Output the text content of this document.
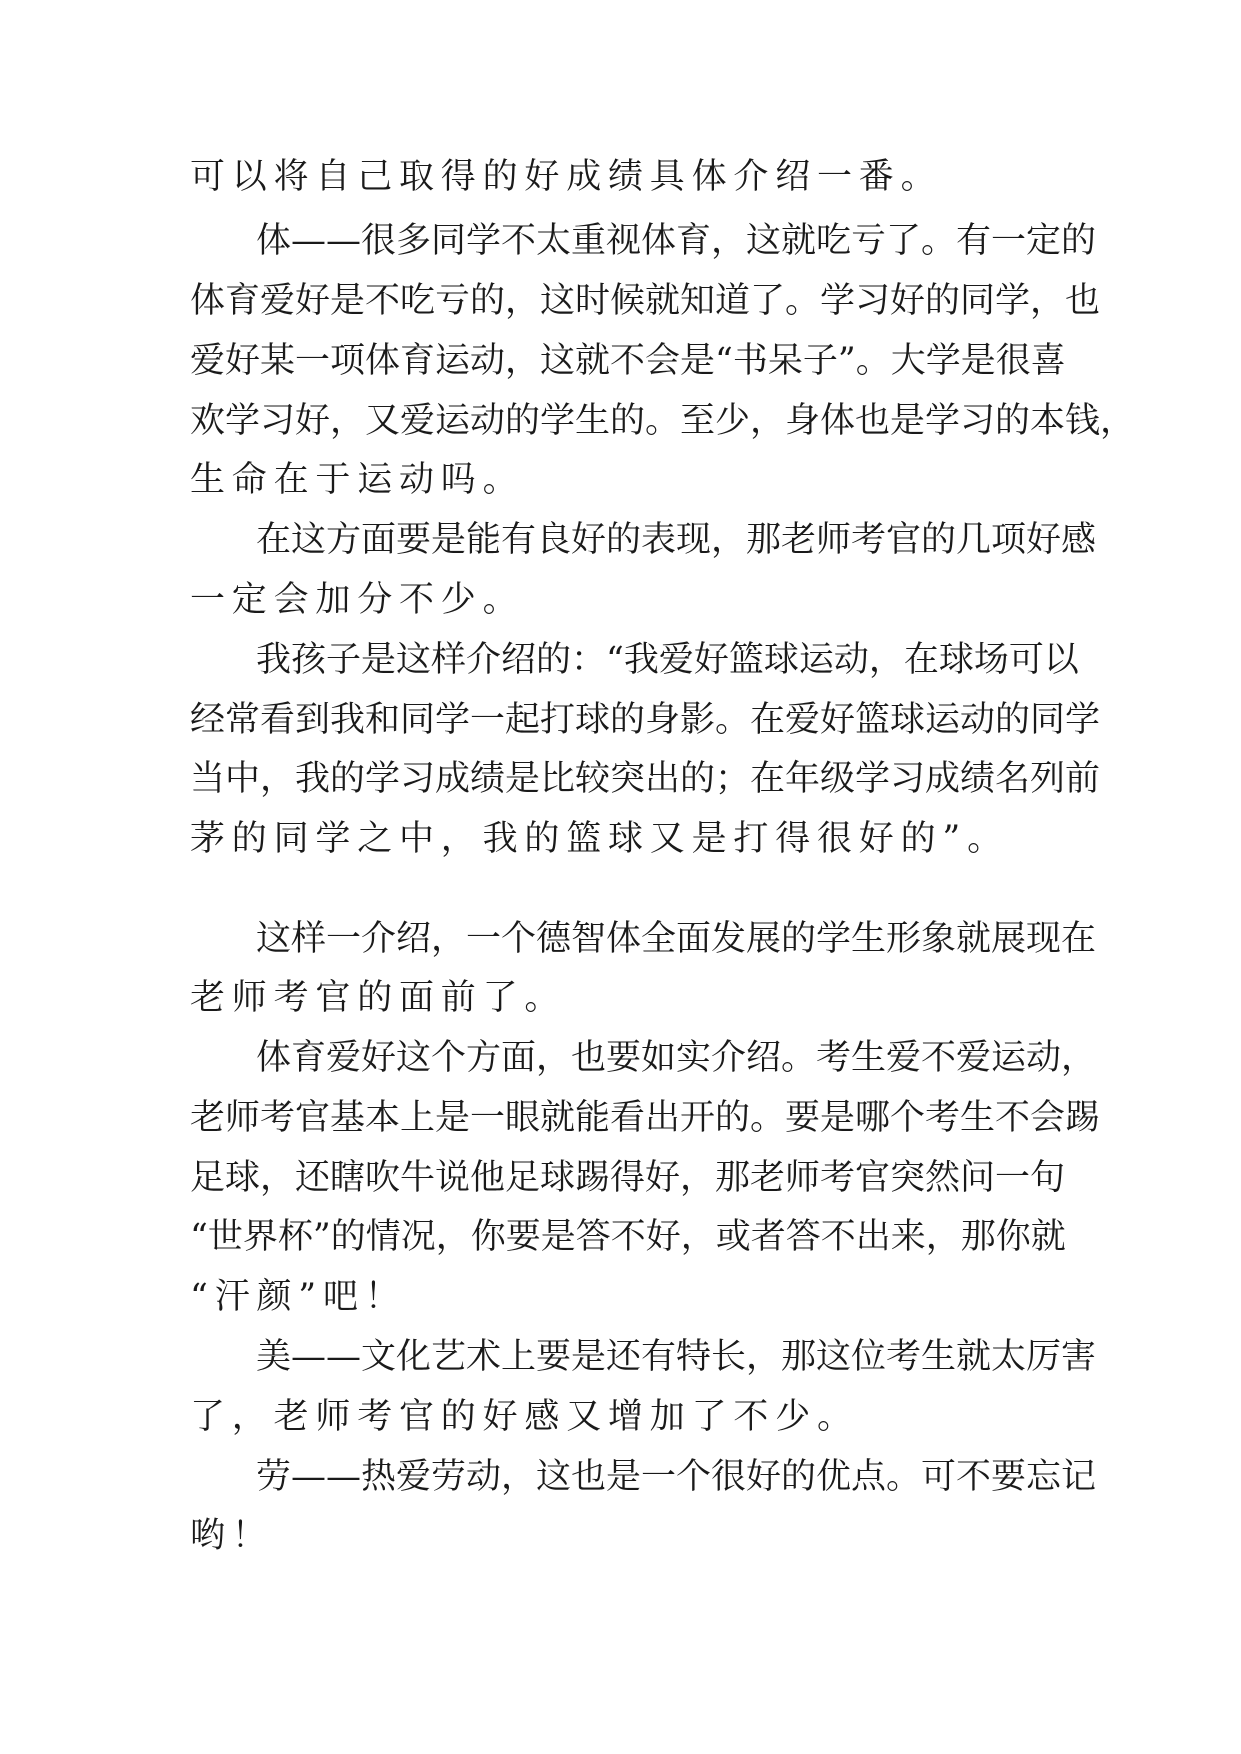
可以将自己取得的好成绩具体介绍一番。

体——很多同学不太重视体育，这就吃亏了。有一定的

体育爱好是不吃亏的，这时候就知道了。学习好的同学，也

爱好某一项体育运动，这就不会是“书呆子”。大学是很喜

欢学习好，又爱运动的学生的。至少，身体也是学习的本钱，

生命在于运动吗。

在这方面要是能有良好的表现，那老师考官的几项好感

一定会加分不少。

我孩子是这样介绍的：“我爱好篮球运动，在球场可以

经常看到我和同学一起打球的身影。在爱好篮球运动的同学

当中，我的学习成绩是比较突出的；在年级学习成绩名列前

茅的同学之中，我的篮球又是打得很好的”。

这样一介绍，一个德智体全面发展的学生形象就展现在

老师考官的面前了。

体育爱好这个方面，也要如实介绍。考生爱不爱运动，

老师考官基本上是一眼就能看出开的。要是哪个考生不会踢

足球，还瞎吹牛说他足球踢得好，那老师考官突然问一句

“世界杯”的情况，你要是答不好，或者答不出来，那你就

“汗颜”吧！

美——文化艺术上要是还有特长，那这位考生就太厉害

了，老师考官的好感又增加了不少。

劳——热爱劳动，这也是一个很好的优点。可不要忘记

哟！
